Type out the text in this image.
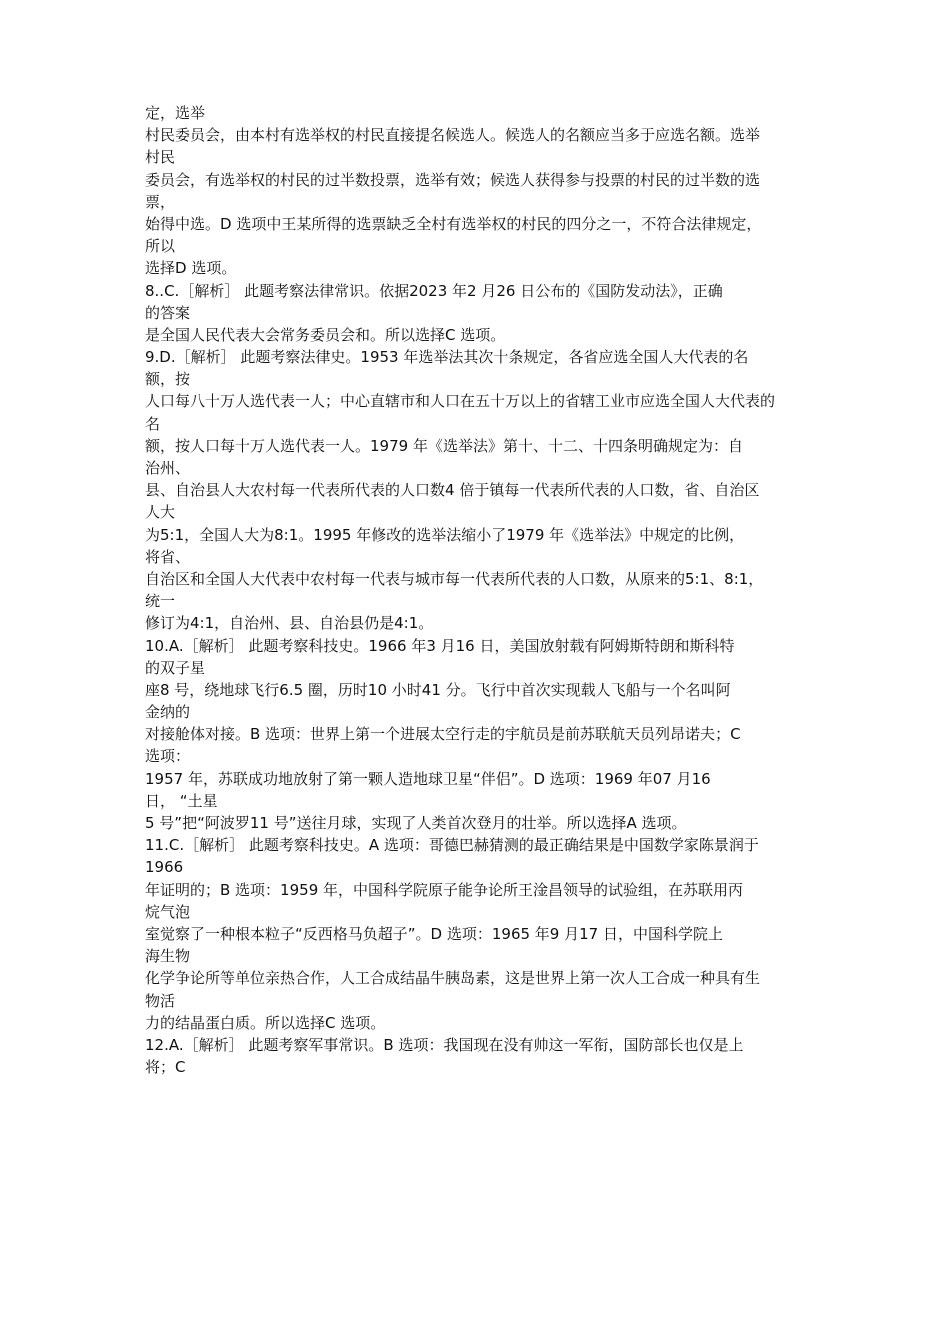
定，选举
村民委员会，由本村有选举权的村民直接提名候选人。候选人的名额应当多于应选名额。选举
村民
委员会，有选举权的村民的过半数投票，选举有效；候选人获得参与投票的村民的过半数的选
票，
始得中选。D 选项中王某所得的选票缺乏全村有选举权的村民的四分之一，不符合法律规定，
所以
选择D 选项。
8..C.［解析］ 此题考察法律常识。依据2023 年2 月26 日公布的《国防发动法》，正确
的答案
是全国人民代表大会常务委员会和。所以选择C 选项。
9.D.［解析］ 此题考察法律史。1953 年选举法其次十条规定，各省应选全国人大代表的名
额，按
人口每八十万人选代表一人；中心直辖市和人口在五十万以上的省辖工业市应选全国人大代表的
名
额，按人口每十万人选代表一人。1979 年《选举法》第十、十二、十四条明确规定为：自
治州、
县、自治县人大农村每一代表所代表的人口数4 倍于镇每一代表所代表的人口数，省、自治区
人大
为5:1，全国人大为8:1。1995 年修改的选举法缩小了1979 年《选举法》中规定的比例，
将省、
自治区和全国人大代表中农村每一代表与城市每一代表所代表的人口数，从原来的5:1、8:1，
统一
修订为4:1，自治州、县、自治县仍是4:1。
10.A.［解析］ 此题考察科技史。1966 年3 月16 日，美国放射载有阿姆斯特朗和斯科特
的双子星
座8 号，绕地球飞行6.5 圈，历时10 小时41 分。飞行中首次实现载人飞船与一个名叫阿
金纳的
对接舱体对接。B 选项：世界上第一个进展太空行走的宇航员是前苏联航天员列昂诺夫；C
选项：
1957 年，苏联成功地放射了第一颗人造地球卫星“伴侣”。D 选项：1969 年07 月16
日， “土星
5 号”把“阿波罗11 号”送往月球，实现了人类首次登月的壮举。所以选择A 选项。
11.C.［解析］ 此题考察科技史。A 选项：哥德巴赫猜测的最正确结果是中国数学家陈景润于
1966
年证明的；B 选项：1959 年，中国科学院原子能争论所王淦昌领导的试验组，在苏联用丙
烷气泡
室觉察了一种根本粒子“反西格马负超子”。D 选项：1965 年9 月17 日，中国科学院上
海生物
化学争论所等单位亲热合作，人工合成结晶牛胰岛素，这是世界上第一次人工合成一种具有生
物活
力的结晶蛋白质。所以选择C 选项。
12.A.［解析］ 此题考察军事常识。B 选项：我国现在没有帅这一军衔，国防部长也仅是上
将；C
